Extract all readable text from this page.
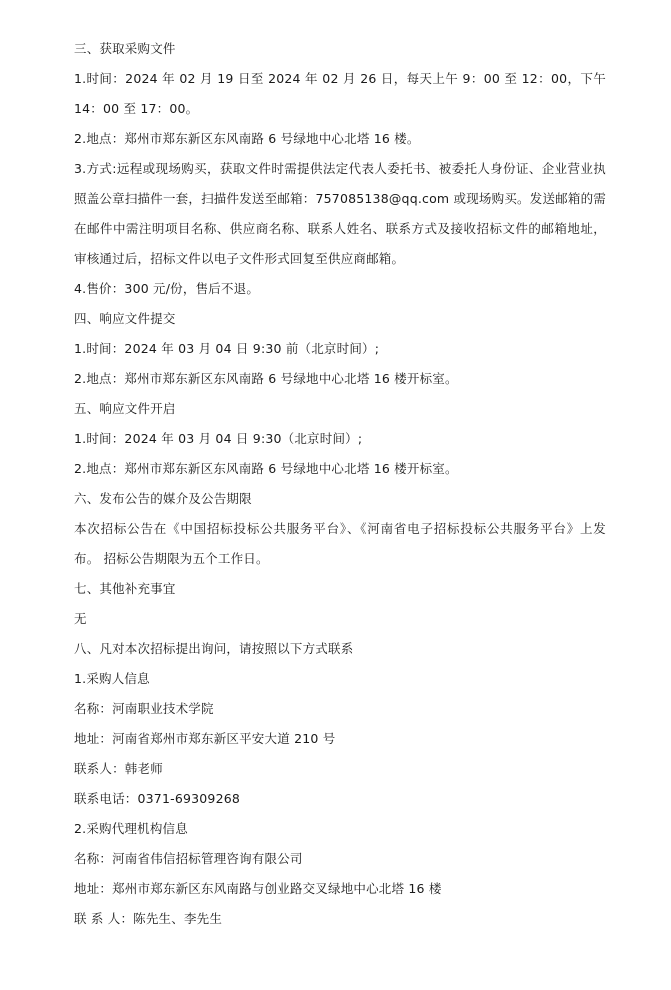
三、获取采购文件
1.时间：2024 年 02 月 19 日至 2024 年 02 月 26 日，每天上午 9：00 至 12：00，下午 14：00 至 17：00。
2.地点：郑州市郑东新区东风南路 6 号绿地中心北塔 16 楼。
3.方式:远程或现场购买，获取文件时需提供法定代表人委托书、被委托人身份证、企业营业执照盖公章扫描件一套，扫描件发送至邮箱：757085138@qq.com 或现场购买。发送邮箱的需在邮件中需注明项目名称、供应商名称、联系人姓名、联系方式及接收招标文件的邮箱地址，审核通过后，招标文件以电子文件形式回复至供应商邮箱。
4.售价：300 元/份，售后不退。
四、响应文件提交
1.时间：2024 年 03 月 04 日 9:30 前（北京时间）;
2.地点：郑州市郑东新区东风南路 6 号绿地中心北塔 16 楼开标室。
五、响应文件开启
1.时间：2024 年 03 月 04 日 9:30（北京时间）;
2.地点：郑州市郑东新区东风南路 6 号绿地中心北塔 16 楼开标室。
六、发布公告的媒介及公告期限
本次招标公告在《中国招标投标公共服务平台》、《河南省电子招标投标公共服务平台》上发布。 招标公告期限为五个工作日。
七、其他补充事宜
无
八、凡对本次招标提出询问，请按照以下方式联系
1.采购人信息
名称：河南职业技术学院
地址：河南省郑州市郑东新区平安大道 210 号
联系人：韩老师
联系电话：0371-69309268
2.采购代理机构信息
名称：河南省伟信招标管理咨询有限公司
地址：郑州市郑东新区东风南路与创业路交叉绿地中心北塔 16 楼
联 系 人：陈先生、李先生
